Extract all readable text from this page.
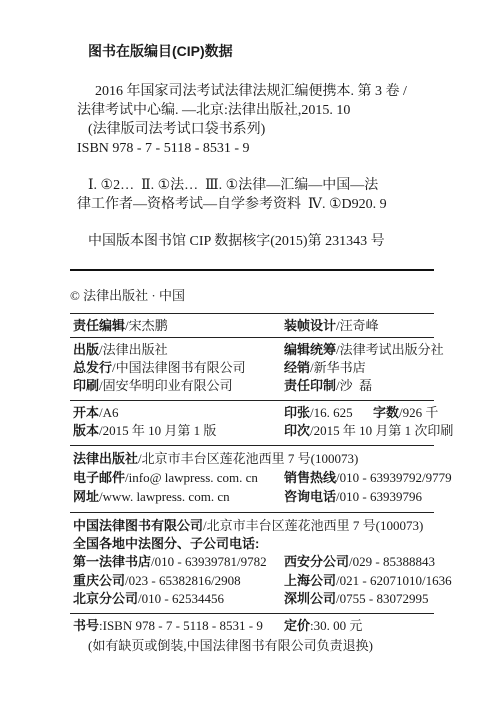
图书在版编目(CIP)数据
2016 年国家司法考试法律法规汇编便携本. 第 3 卷 /
法律考试中心编. —北京:法律出版社,2015. 10
(法律版司法考试口袋书系列)
ISBN 978 - 7 - 5118 - 8531 - 9
Ⅰ. ①2…  Ⅱ. ①法…  Ⅲ. ①法律—汇编—中国—法
律工作者—资格考试—自学参考资料  Ⅳ. ①D920. 9
中国版本图书馆 CIP 数据核字(2015)第 231343 号
© 法律出版社 · 中国
责任编辑/宋杰鹏	装帧设计/汪奇峰
出版/法律出版社	编辑统筹/法律考试出版分社
总发行/中国法律图书有限公司	经销/新华书店
印刷/固安华明印业有限公司	责任印制/沙  磊
开本/A6	印张/16. 625 字数/926 千
版本/2015 年 10 月第 1 版	印次/2015 年 10 月第 1 次印刷
法律出版社/北京市丰台区莲花池西里 7 号(100073)
电子邮件/info@ lawpress. com. cn 销售热线/010 - 63939792/9779
网址/www. lawpress. com. cn	咨询电话/010 - 63939796
中国法律图书有限公司/北京市丰台区莲花池西里 7 号(100073)
全国各地中法图分、子公司电话:
第一法律书店/010 - 63939781/9782 西安分公司/029 - 85388843
重庆公司/023 - 65382816/2908	上海公司/021 - 62071010/1636
北京分公司/010 - 62534456	深圳公司/0755 - 83072995
书号:ISBN 978 - 7 - 5118 - 8531 - 9 定价:30. 00 元
(如有缺页或倒装,中国法律图书有限公司负责退换)
